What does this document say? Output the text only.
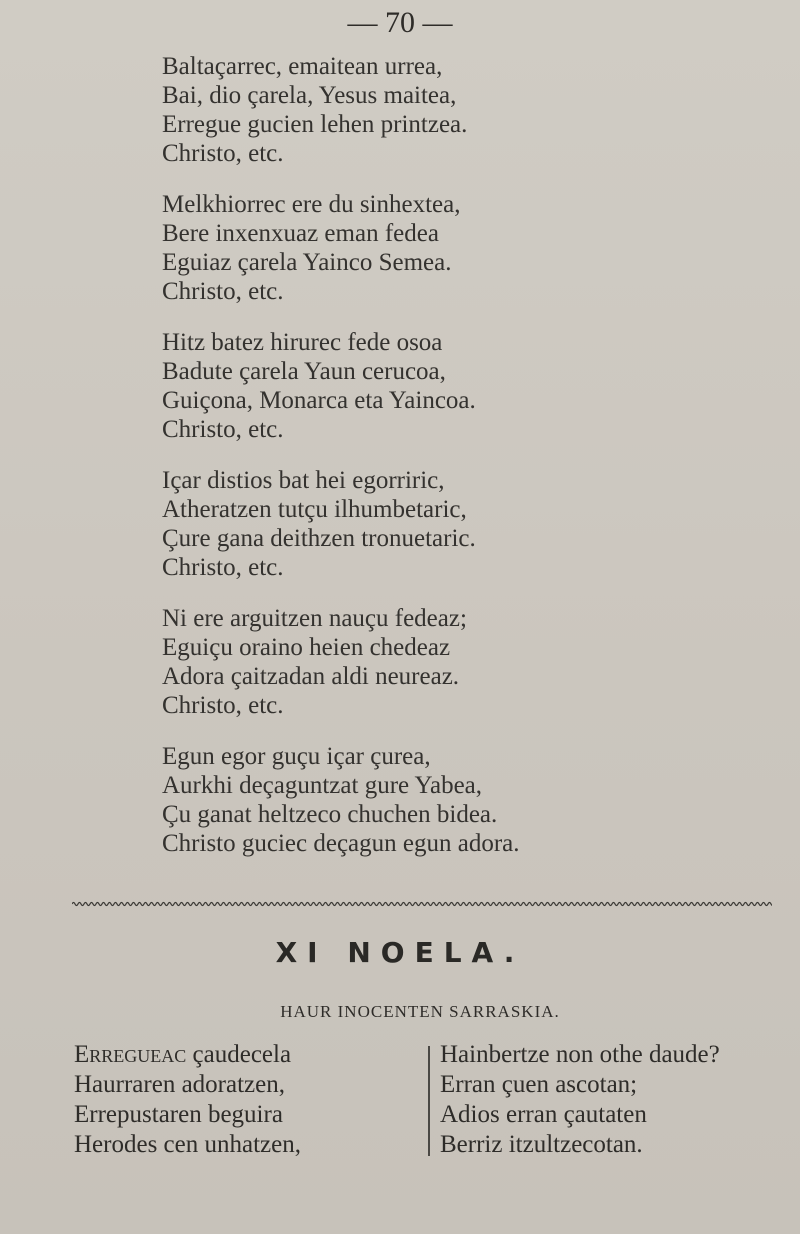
— 70 —
Baltaçarrec, emaitean urrea,
Bai, dio çarela, Yesus maitea,
Erregue gucien lehen printzea.
Christo, etc.
Melkhiorrec ere du sinhextea,
Bere inxenxuaz eman fedea
Eguiaz çarela Yainco Semea.
Christo, etc.
Hitz batez hirurec fede osoa
Badute çarela Yaun cerucoa,
Guiçona, Monarca eta Yaincoa.
Christo, etc.
Içar distios bat hei egorriric,
Atheratzen tutçu ilhumbetaric,
Çure gana deithzen tronuetaric.
Christo, etc.
Ni ere arguitzen nauçu fedeaz;
Eguiçu oraino heien chedeaz
Adora çaitzadan aldi neureaz.
Christo, etc.
Egun egor guçu içar çurea,
Aurkhi deçaguntzat gure Yabea,
Çu ganat heltzeco chuchen bidea.
Christo guciec deçagun egun adora.
XI NOELA.
HAUR INOCENTEN SARRASKIA.
Erregueac çaudecela
Haurraren adoratzen,
Errepustaren beguira
Herodes cen unhatzen,
Hainbertze non othe daude?
Erran çuen ascotan;
Adios erran çautaten
Berriz itzultzecotan.
